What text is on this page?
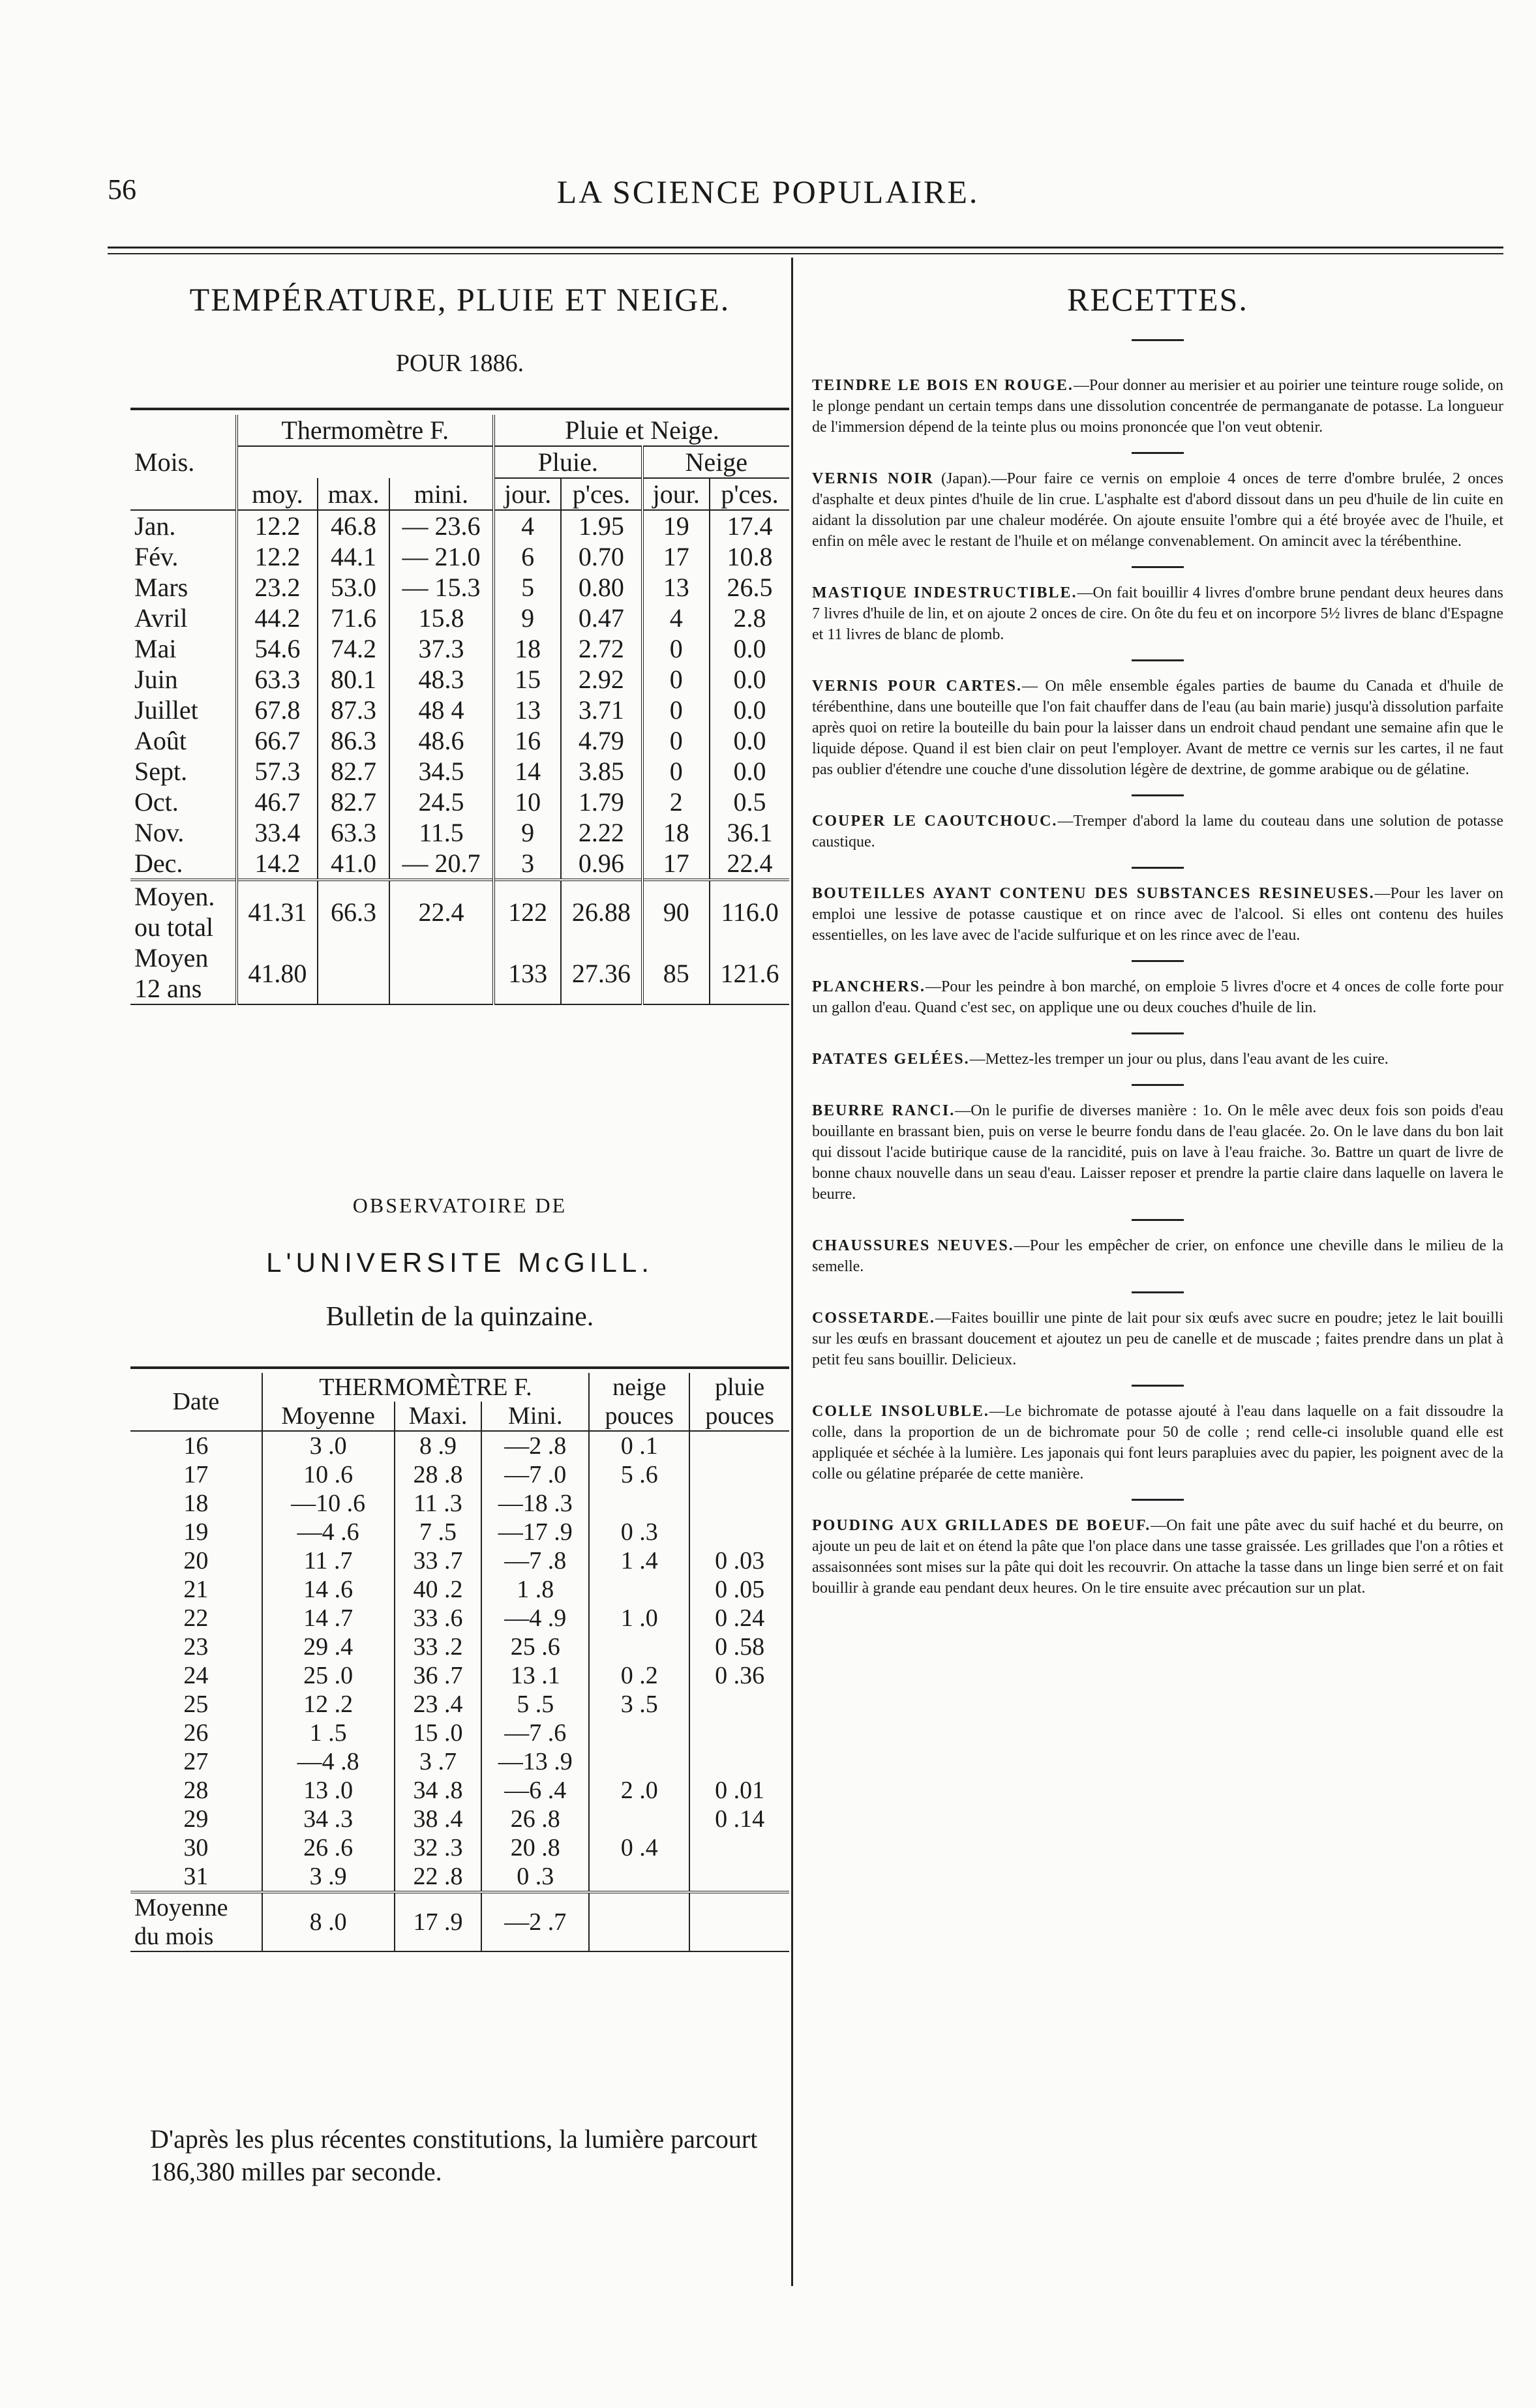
56	LA SCIENCE POPULAIRE.
TEMPÉRATURE, PLUIE ET NEIGE.
POUR 1886.
Mois.	Thermomètre F.			Pluie et Neige.			
				Pluie.		Neige	
	moy.	max.	mini.	jour.	p'ces.	jour.	p'ces.
Jan.	12.2	46.8	— 23.6	4	1.95	19	17.4
Fév.	12.2	44.1	— 21.0	6	0.70	17	10.8
Mars	23.2	53.0	— 15.3	5	0.80	13	26.5
Avril	44.2	71.6	15.8	9	0.47	4	2.8
Mai	54.6	74.2	37.3	18	2.72	0	0.0
Juin	63.3	80.1	48.3	15	2.92	0	0.0
Juillet	67.8	87.3	48 4	13	3.71	0	0.0
Août	66.7	86.3	48.6	16	4.79	0	0.0
Sept.	57.3	82.7	34.5	14	3.85	0	0.0
Oct.	46.7	82.7	24.5	10	1.79	2	0.5
Nov.	33.4	63.3	11.5	9	2.22	18	36.1
Dec.	14.2	41.0	— 20.7	3	0.96	17	22.4
Moyen.
ou total	41.31	66.3	22.4	122	26.88	90	116.0
Moyen
12 ans	41.80			133	27.36	85	121.6
OBSERVATOIRE DE
L'UNIVERSITE McGILL.
Bulletin de la quinzaine.
Date	THERMOMÈTRE F.			neige	pluie
	Moyenne	Maxi.	Mini.	pouces	pouces
16	3 .0	8 .9	—2 .8	0 .1	
17	10 .6	28 .8	—7 .0	5 .6	
18	—10 .6	11 .3	—18 .3		
19	—4 .6	7 .5	—17 .9	0 .3	
20	11 .7	33 .7	—7 .8	1 .4	0 .03
21	14 .6	40 .2	1 .8		0 .05
22	14 .7	33 .6	—4 .9	1 .0	0 .24
23	29 .4	33 .2	25 .6		0 .58
24	25 .0	36 .7	13 .1	0 .2	0 .36
25	12 .2	23 .4	5 .5	3 .5	
26	1 .5	15 .0	—7 .6		
27	—4 .8	3 .7	—13 .9		
28	13 .0	34 .8	—6 .4	2 .0	0 .01
29	34 .3	38 .4	26 .8		0 .14
30	26 .6	32 .3	20 .8	0 .4	
31	3 .9	22 .8	0 .3		
Moyenne
du mois	8 .0	17 .9	—2 .7		
D'après les plus récentes constitutions, la lumière parcourt 186,380 milles par seconde.
RECETTES.
TEINDRE LE BOIS EN ROUGE.—Pour donner au merisier et au poirier une teinture rouge solide, on le plonge pendant un certain temps dans une dissolution concentrée de permanganate de potasse. La longueur de l'immersion dépend de la teinte plus ou moins prononcée que l'on veut obtenir.
VERNIS NOIR (Japan).—Pour faire ce vernis on emploie 4 onces de terre d'ombre brulée, 2 onces d'asphalte et deux pintes d'huile de lin crue. L'asphalte est d'abord dissout dans un peu d'huile de lin cuite en aidant la dissolution par une chaleur modérée. On ajoute ensuite l'ombre qui a été broyée avec de l'huile, et enfin on mêle avec le restant de l'huile et on mélange convenablement. On amincit avec la térébenthine.
MASTIQUE INDESTRUCTIBLE.—On fait bouillir 4 livres d'ombre brune pendant deux heures dans 7 livres d'huile de lin, et on ajoute 2 onces de cire. On ôte du feu et on incorpore 5½ livres de blanc d'Espagne et 11 livres de blanc de plomb.
VERNIS POUR CARTES.— On mêle ensemble égales parties de baume du Canada et d'huile de térébenthine, dans une bouteille que l'on fait chauffer dans de l'eau (au bain marie) jusqu'à dissolution parfaite après quoi on retire la bouteille du bain pour la laisser dans un endroit chaud pendant une semaine afin que le liquide dépose. Quand il est bien clair on peut l'employer. Avant de mettre ce vernis sur les cartes, il ne faut pas oublier d'étendre une couche d'une dissolution légère de dextrine, de gomme arabique ou de gélatine.
COUPER LE CAOUTCHOUC.—Tremper d'abord la lame du couteau dans une solution de potasse caustique.
BOUTEILLES AYANT CONTENU DES SUBSTANCES RESINEUSES.—Pour les laver on emploi une lessive de potasse caustique et on rince avec de l'alcool. Si elles ont contenu des huiles essentielles, on les lave avec de l'acide sulfurique et on les rince avec de l'eau.
PLANCHERS.—Pour les peindre à bon marché, on emploie 5 livres d'ocre et 4 onces de colle forte pour un gallon d'eau. Quand c'est sec, on applique une ou deux couches d'huile de lin.
PATATES GELÉES.—Mettez-les tremper un jour ou plus, dans l'eau avant de les cuire.
BEURRE RANCI.—On le purifie de diverses manière : 1o. On le mêle avec deux fois son poids d'eau bouillante en brassant bien, puis on verse le beurre fondu dans de l'eau glacée. 2o. On le lave dans du bon lait qui dissout l'acide butirique cause de la rancidité, puis on lave à l'eau fraiche. 3o. Battre un quart de livre de bonne chaux nouvelle dans un seau d'eau. Laisser reposer et prendre la partie claire dans laquelle on lavera le beurre.
CHAUSSURES NEUVES.—Pour les empêcher de crier, on enfonce une cheville dans le milieu de la semelle.
COSSETARDE.—Faites bouillir une pinte de lait pour six œufs avec sucre en poudre; jetez le lait bouilli sur les œufs en brassant doucement et ajoutez un peu de canelle et de muscade ; faites prendre dans un plat à petit feu sans bouillir. Delicieux.
COLLE INSOLUBLE.—Le bichromate de potasse ajouté à l'eau dans laquelle on a fait dissoudre la colle, dans la proportion de un de bichromate pour 50 de colle ; rend celle-ci insoluble quand elle est appliquée et séchée à la lumière. Les japonais qui font leurs parapluies avec du papier, les poignent avec de la colle ou gélatine préparée de cette manière.
POUDING AUX GRILLADES DE BOEUF.—On fait une pâte avec du suif haché et du beurre, on ajoute un peu de lait et on étend la pâte que l'on place dans une tasse graissée. Les grillades que l'on a rôties et assaisonnées sont mises sur la pâte qui doit les recouvrir. On attache la tasse dans un linge bien serré et on fait bouillir à grande eau pendant deux heures. On le tire ensuite avec précaution sur un plat.
